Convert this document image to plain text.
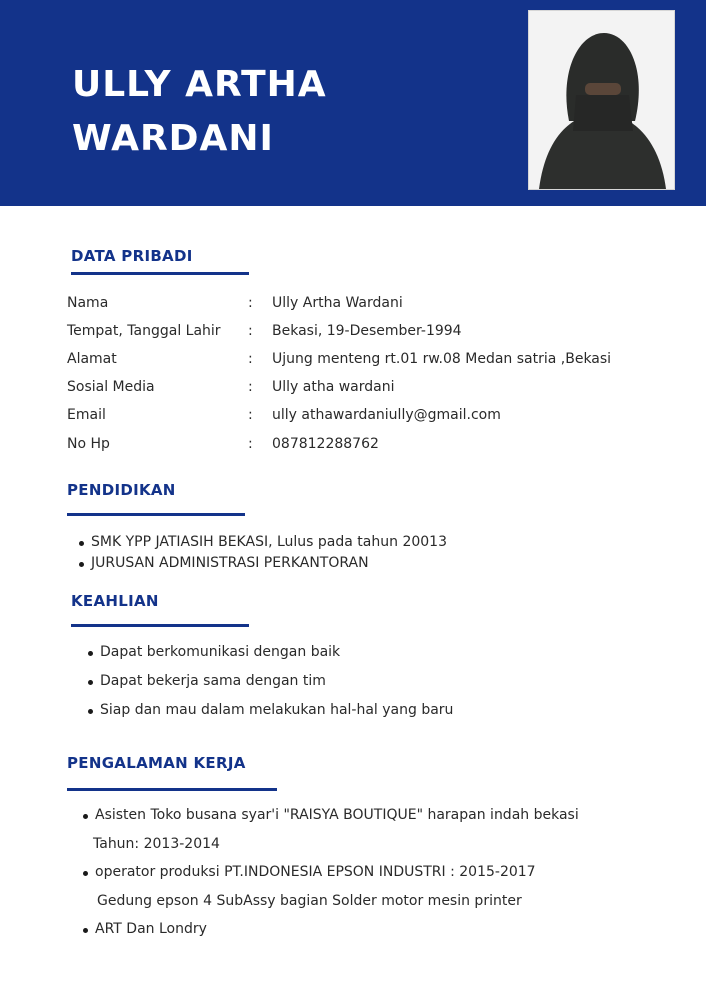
ULLY ARTHA
WARDANI
DATA PRIBADI
Nama	: Ully Artha Wardani
Tempat, Tanggal Lahir : Bekasi, 19-Desember-1994
Alamat	: Ujung menteng rt.01 rw.08 Medan satria ,Bekasi
Sosial Media	: Ully atha wardani
Email	: ully athawardaniully@gmail.com
No Hp	: 087812288762
PENDIDIKAN
SMK YPP JATIASIH BEKASI, Lulus pada tahun 20013
JURUSAN ADMINISTRASI PERKANTORAN
KEAHLIAN
Dapat berkomunikasi dengan baik
Dapat bekerja sama dengan tim
Siap dan mau dalam melakukan hal-hal yang baru
PENGALAMAN KERJA
Asisten Toko busana syar'i "RAISYA BOUTIQUE" harapan indah bekasi
Tahun: 2013-2014
operator produksi PT.INDONESIA EPSON INDUSTRI : 2015-2017
Gedung epson 4 SubAssy bagian Solder motor mesin printer
ART Dan Londry
